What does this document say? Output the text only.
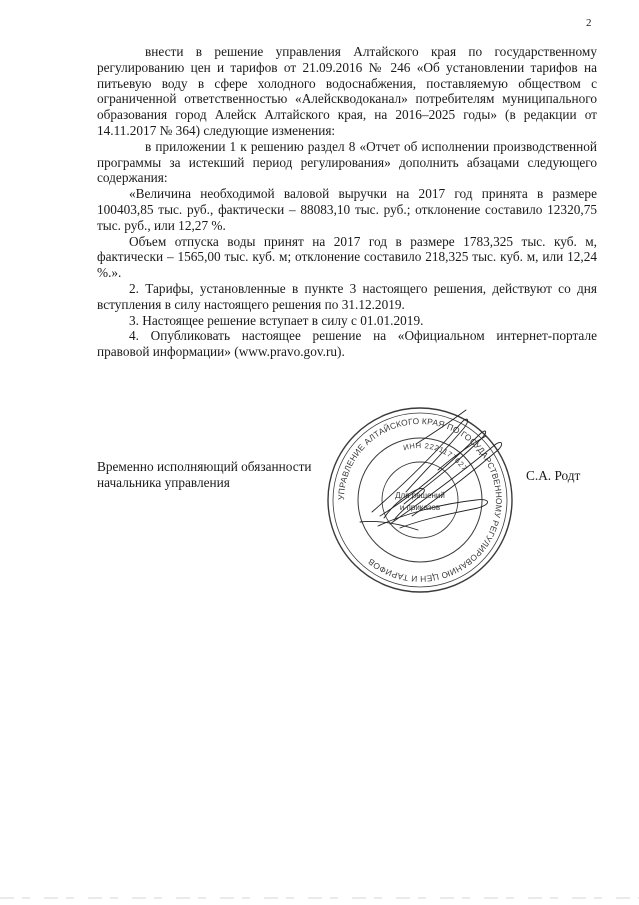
2

внести в решение управления Алтайского края по государственному регулированию цен и тарифов от 21.09.2016 № 246 «Об установлении тарифов на питьевую воду в сфере холодного водоснабжения, поставляемую обществом с ограниченной ответственностью «Алейскводоканал» потребителям муниципального образования город Алейск Алтайского края, на 2016–2025 годы» (в редакции от 14.11.2017 № 364) следующие изменения:

в приложении 1 к решению раздел 8 «Отчет об исполнении производственной программы за истекший период регулирования» дополнить абзацами следующего содержания:

«Величина необходимой валовой выручки на 2017 год принята в размере 100403,85 тыс. руб., фактически – 88083,10 тыс. руб.; отклонение составило 12320,75 тыс. руб., или 12,27 %.

Объем отпуска воды принят на 2017 год в размере 1783,325 тыс. куб. м, фактически – 1565,00 тыс. куб. м; отклонение составило 218,325 тыс. куб. м, или 12,24 %.».

2. Тарифы, установленные в пункте 3 настоящего решения, действуют со дня вступления в силу настоящего решения по 31.12.2019.

3. Настоящее решение вступает в силу с 01.01.2019.

4. Опубликовать настоящее решение на «Официальном интернет-портале правовой информации» (www.pravo.gov.ru).

Временно исполняющий обязанности
начальника управления	С.А. Родт
УПРАВЛЕНИЕ АЛТАЙСКОГО КРАЯ ПО ГОСУДАРСТВЕННОМУ РЕГУЛИРОВАНИЮ ЦЕН И ТАРИФОВ
ИНН 2221177627
Для решений
и приказов
